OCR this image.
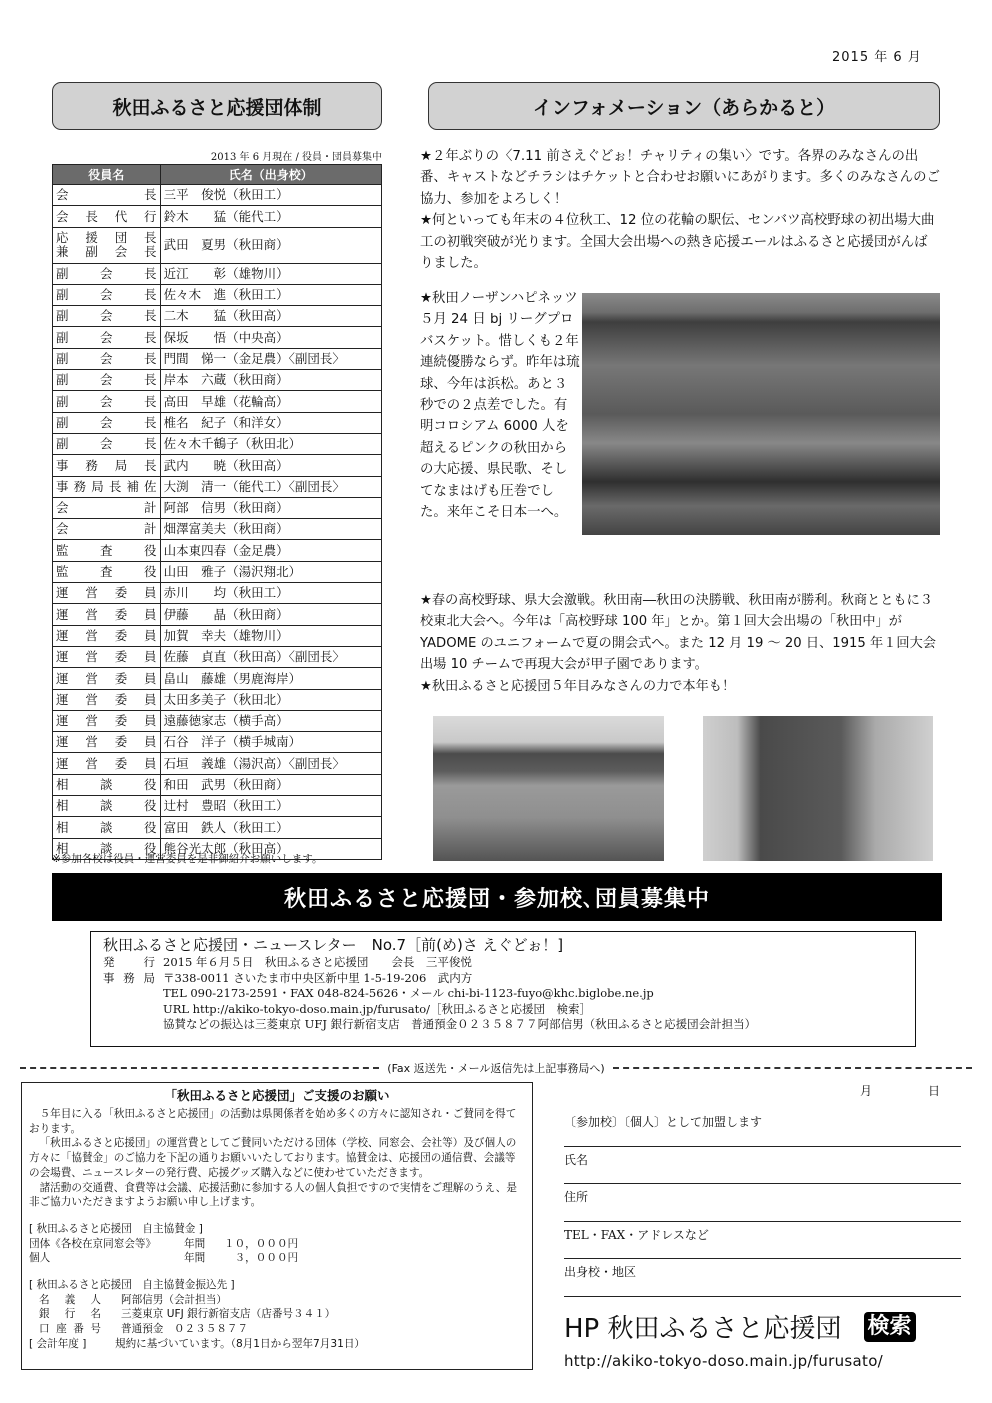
2015 年 6 月
秋田ふるさと応援団体制	インフォメーション（あらかると）
2013 年 6 月現在 / 役員・団員募集中
役員名	氏名（出身校）
会長	三平　俊悦（秋田工）
会長代行	鈴木　　猛（能代工）

応援団長
兼副会長	武田　夏男（秋田商）
副会長	近江　　彰（雄物川）
副会長	佐々木　進（秋田工）
副会長	二木　　猛（秋田高）
副会長	保坂　　悟（中央高）
副会長	門間　悌一（金足農）〈副団長〉
副会長	岸本　六蔵（秋田商）
副会長	高田　早雄（花輪高）
副会長	椎名　紀子（和洋女）
副会長	佐々木千鶴子（秋田北）
事務局長	武内　　暁（秋田高）
事務局長補佐	大渕　清一（能代工）〈副団長〉
会計	阿部　信男（秋田商）
会計	畑澤富美夫（秋田商）
監査役	山本東四春（金足農）
監査役	山田　雅子（湯沢翔北）
運営委員	赤川　　均（秋田工）
運営委員	伊藤　　晶（秋田商）
運営委員	加賀　幸夫（雄物川）
運営委員	佐藤　貞直（秋田高）〈副団長〉
運営委員	畠山　藤雄（男鹿海岸）
運営委員	太田多美子（秋田北）
運営委員	遠藤徳家志（横手高）
運営委員	石谷　洋子（横手城南）
運営委員	石垣　義雄（湯沢高）〈副団長〉
相談役	和田　武男（秋田商）
相談役	辻村　豊昭（秋田工）
相談役	富田　鉄人（秋田工）
相談役	熊谷光太郎（秋田高）
※参加各校は役員・運営委員を是非御紹介お願いします。

★２年ぶりの〈7.11 前さえぐどぉ！チャリティの集い〉です。各界のみなさんの出番、キャストなどチラシはチケットと合わせお願いにあがります。多くのみなさんのご協力、参加をよろしく！

★何といっても年末の４位秋工、12 位の花輪の駅伝、センバツ高校野球の初出場大曲工の初戦突破が光ります。全国大会出場への熱き応援エールはふるさと応援団がんばりました。

★秋田ノーザンハピネッツ５月 24 日 bj リーグプロバスケット。惜しくも２年連続優勝ならず。昨年は琉球、今年は浜松。あと３秒での２点差でした。有明コロシアム 6000 人を超えるピンクの秋田からの大応援、県民歌、そしてなまはげも圧巻でした。来年こそ日本一へ。

★春の高校野球、県大会激戦。秋田南―秋田の決勝戦、秋田南が勝利。秋商とともに３校東北大会へ。今年は「高校野球 100 年」とか。第１回大会出場の「秋田中」が YADOME のユニフォームで夏の開会式へ。また 12 月 19 ～ 20 日、1915 年１回大会出場 10 チームで再現大会が甲子園であります。

★秋田ふるさと応援団５年目みなさんの力で本年も！

秋田ふるさと応援団・参加校､団員募集中
秋田ふるさと応援団・ニュースレター　No.7［前(め)さ えぐどぉ！]
発行 2015 年６月５日　秋田ふるさと応援団　　会長　三平俊悦
事務局 〒338-0011 さいたま市中央区新中里 1-5-19-206　武内方
TEL 090-2173-2591・FAX 048-824-5626・メール chi-bi-1123-fuyo@khc.biglobe.ne.jp
URL http://akiko-tokyo-doso.main.jp/furusato/［秋田ふるさと応援団　検索］
協賛などの振込は三菱東京 UFJ 銀行新宿支店　普通預金０２３５８７７阿部信男（秋田ふるさと応援団会計担当）
(Fax 返送先・メール返信先は上記事務局へ)
「秋田ふるさと応援団」ご支援のお願い
５年目に入る「秋田ふるさと応援団」の活動は県関係者を始め多くの方々に認知され・ご賛同を得ております。
「秋田ふるさと応援団」の運営費としてご賛同いただける団体（学校、同窓会、会社等）及び個人の方々に「協賛金」のご協力を下記の通りお願いいたしております。協賛金は、応援団の通信費、会議等の会場費、ニュースレターの発行費、応援グッズ購入などに使わせていただきます。
諸活動の交通費、食費等は会議、応援活動に参加する人の個人負担ですので実情をご理解のうえ、是非ご協力いただきますようお願い申し上げます。
[ 秋田ふるさと応援団　自主協賛金 ]
団体《各校在京同窓会等》	年間	１０，０００円
個人	年間	　３，０００円
[ 秋田ふるさと応援団　自主協賛金振込先 ]
名義人 阿部信男（会計担当）
銀行名 三菱東京 UFJ 銀行新宿支店（店番号３４１）
口座番号 普通預金　０２３５８７７
[ 会計年度 ]	規約に基づいています。（8月1日から翌年7月31日）
月	日
〔参加校〕〔個人〕として加盟します
氏名
住所
TEL・FAX・アドレスなど
出身校・地区
HP 秋田ふるさと応援団 検索
http://akiko-tokyo-doso.main.jp/furusato/
